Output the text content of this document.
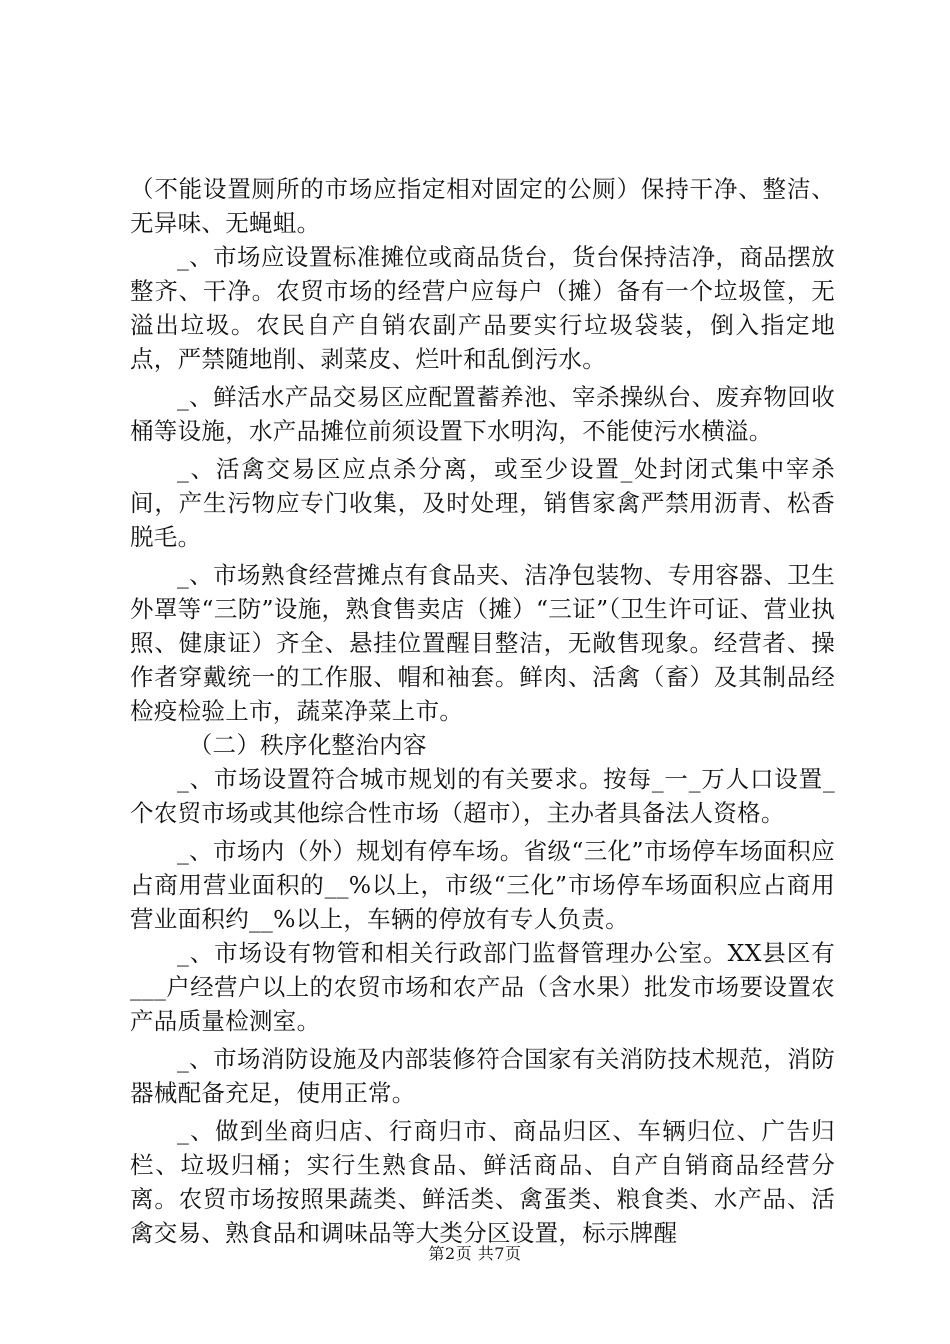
（不能设置厕所的市场应指定相对固定的公厕）保持干净、整洁、无异味、无蝇蛆。

_、市场应设置标准摊位或商品货台，货台保持洁净，商品摆放整齐、干净。农贸市场的经营户应每户（摊）备有一个垃圾筐，无溢出垃圾。农民自产自销农副产品要实行垃圾袋装，倒入指定地点，严禁随地削、剥菜皮、烂叶和乱倒污水。

_、鲜活水产品交易区应配置蓄养池、宰杀操纵台、废弃物回收桶等设施，水产品摊位前须设置下水明沟，不能使污水横溢。

_、活禽交易区应点杀分离，或至少设置_处封闭式集中宰杀间，产生污物应专门收集，及时处理，销售家禽严禁用沥青、松香脱毛。

_、市场熟食经营摊点有食品夹、洁净包装物、专用容器、卫生外罩等“三防”设施，熟食售卖店（摊）“三证”（卫生许可证、营业执照、健康证）齐全、悬挂位置醒目整洁，无敞售现象。经营者、操作者穿戴统一的工作服、帽和袖套。鲜肉、活禽（畜）及其制品经检疫检验上市，蔬菜净菜上市。

（二）秩序化整治内容

_、市场设置符合城市规划的有关要求。按每_一_万人口设置_个农贸市场或其他综合性市场（超市），主办者具备法人资格。

_、市场内（外）规划有停车场。省级“三化”市场停车场面积应占商用营业面积的__%以上，市级“三化”市场停车场面积应占商用营业面积约__%以上，车辆的停放有专人负责。

_、市场设有物管和相关行政部门监督管理办公室。XX县区有___户经营户以上的农贸市场和农产品（含水果）批发市场要设置农产品质量检测室。

_、市场消防设施及内部装修符合国家有关消防技术规范，消防器械配备充足，使用正常。

_、做到坐商归店、行商归市、商品归区、车辆归位、广告归栏、垃圾归桶；实行生熟食品、鲜活商品、自产自销商品经营分离。农贸市场按照果蔬类、鲜活类、禽蛋类、粮食类、水产品、活禽交易、熟食品和调味品等大类分区设置，标示牌醒

第2页 共7页
